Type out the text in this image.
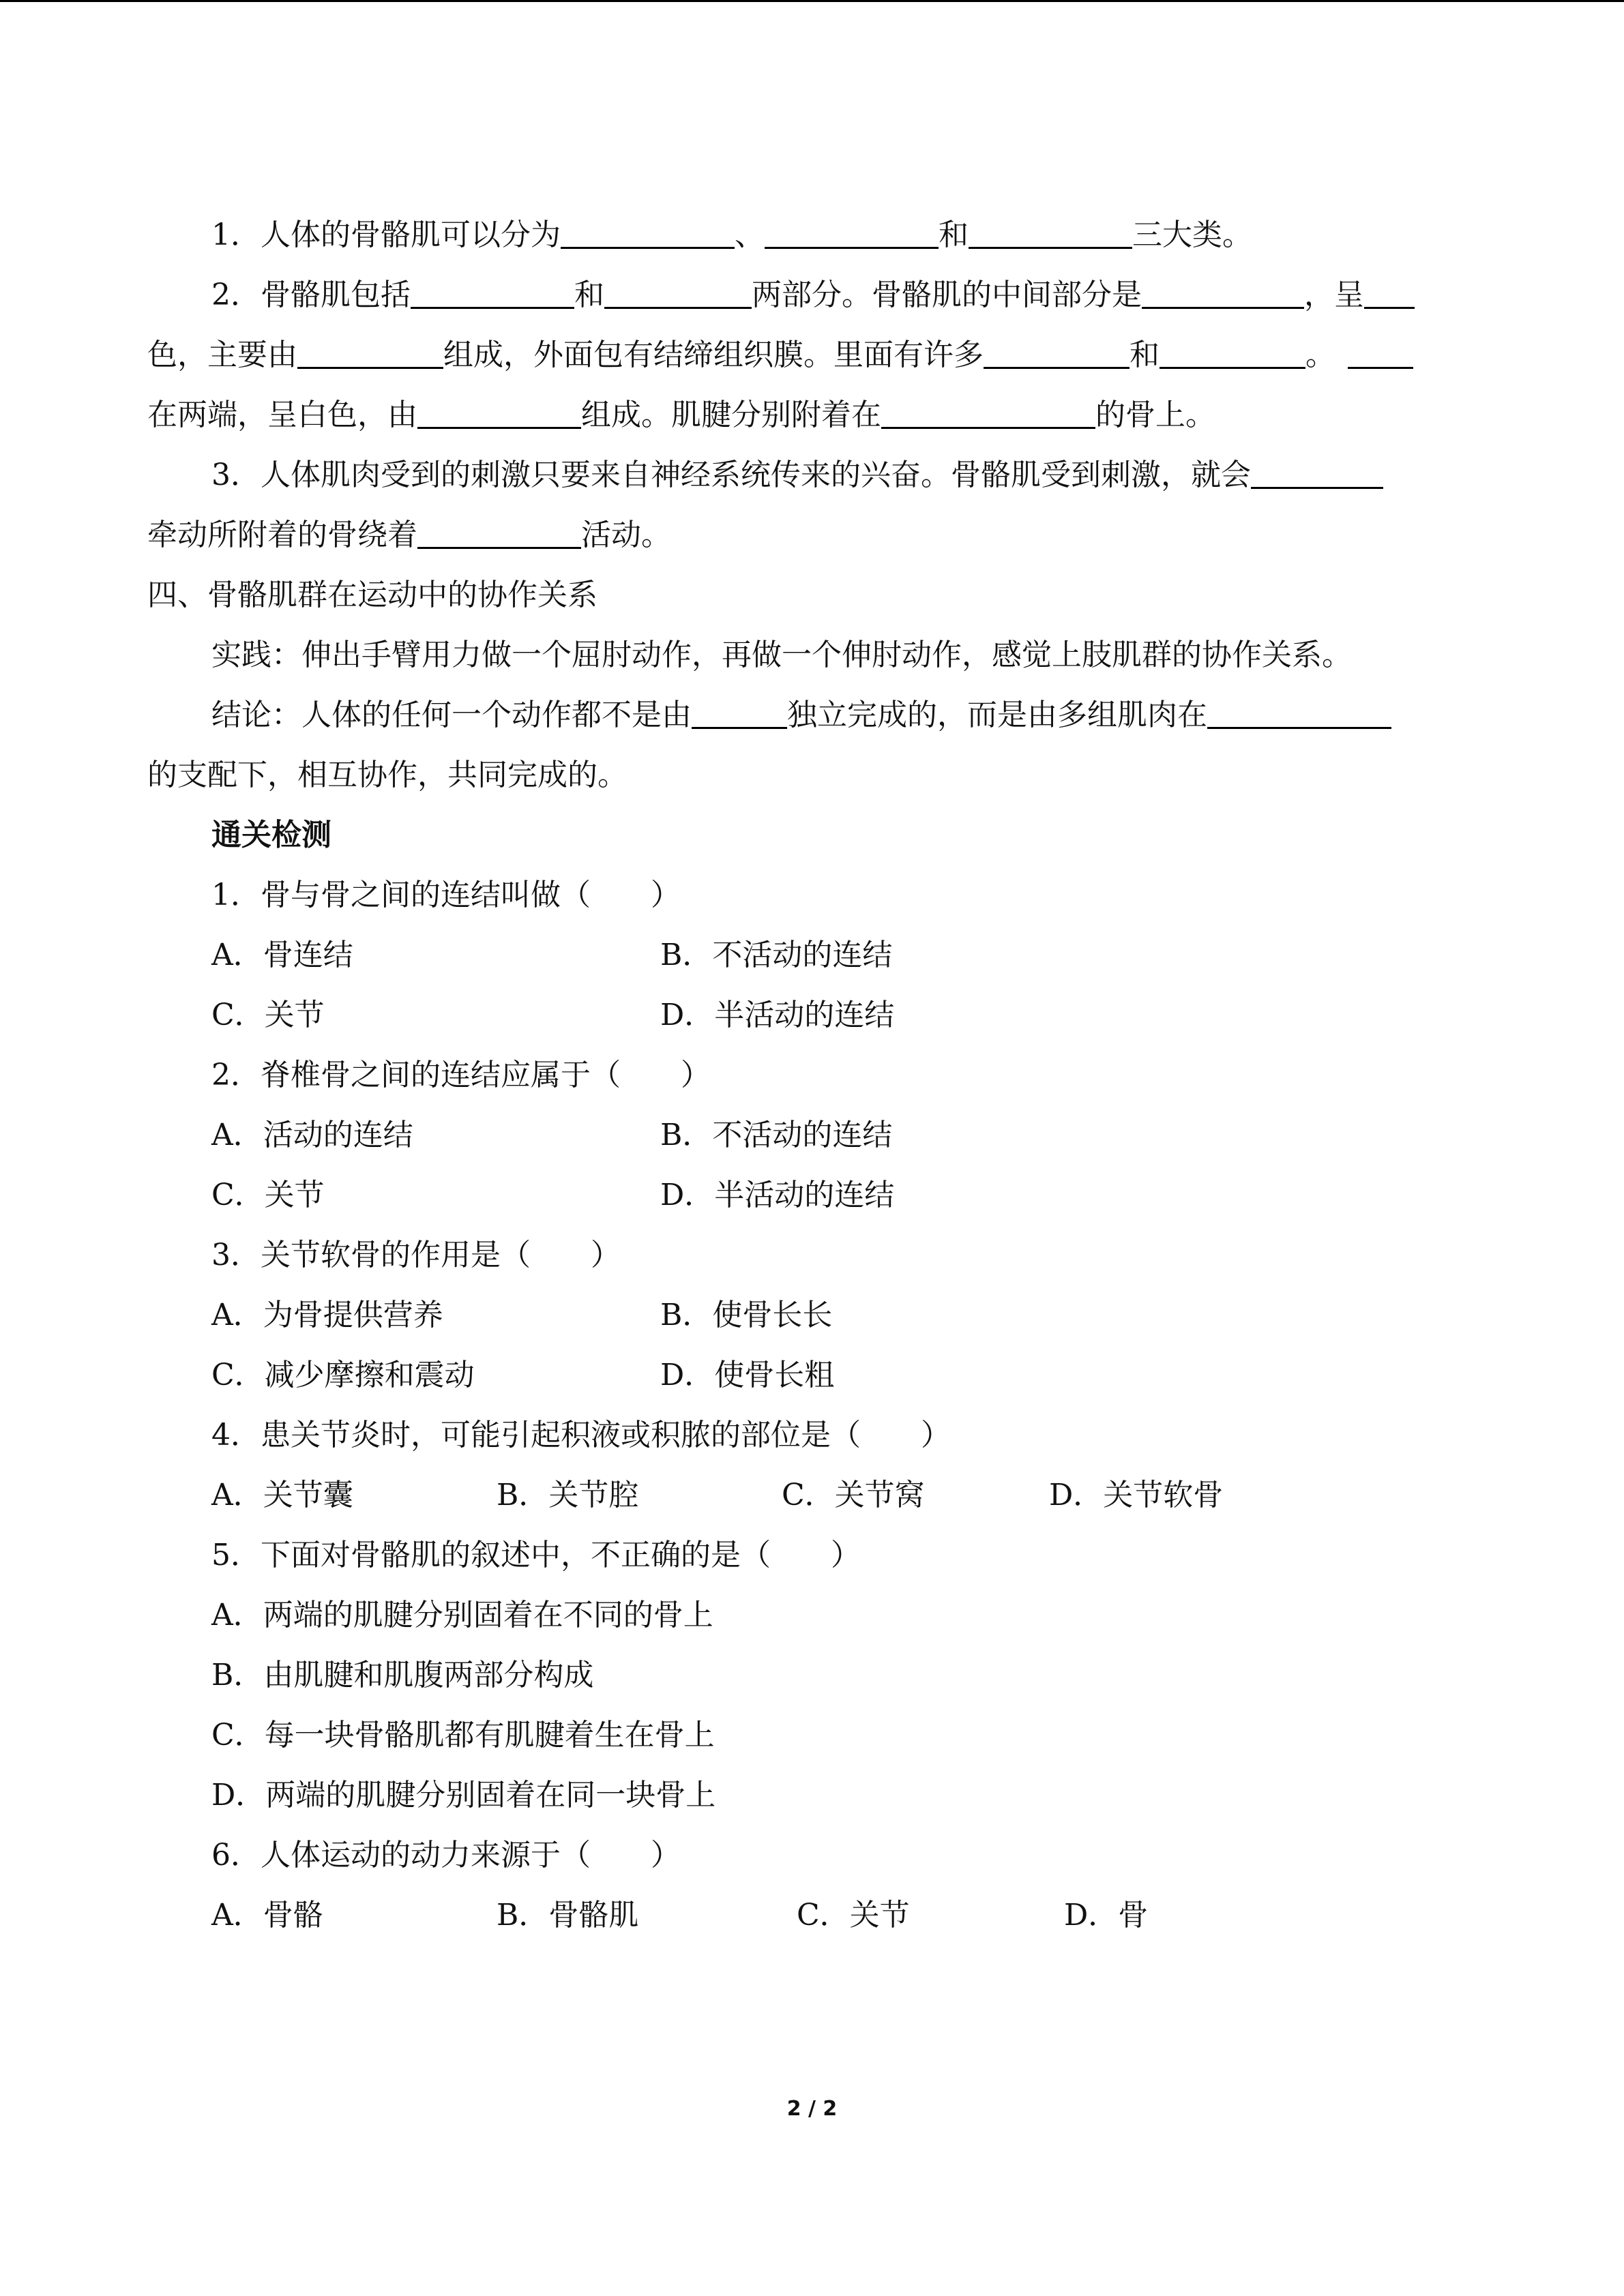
1．人体的骨骼肌可以分为	、	和	三大类。
2．骨骼肌包括	和	两部分。骨骼肌的中间部分是	，呈
色，主要由	组成，外面包有结缔组织膜。里面有许多	和	。
在两端，呈白色，由	组成。肌腱分别附着在	的骨上。
3．人体肌肉受到的刺激只要来自神经系统传来的兴奋。骨骼肌受到刺激，就会
牵动所附着的骨绕着	活动。
四、骨骼肌群在运动中的协作关系
实践：伸出手臂用力做一个屈肘动作，再做一个伸肘动作，感觉上肢肌群的协作关系。
结论：人体的任何一个动作都不是由	独立完成的，而是由多组肌肉在
的支配下，相互协作，共同完成的。
通关检测
1．骨与骨之间的连结叫做（　　）
A．骨连结	B．不活动的连结
C．关节	D．半活动的连结
2．脊椎骨之间的连结应属于（　　）
A．活动的连结	B．不活动的连结
C．关节	D．半活动的连结
3．关节软骨的作用是（　　）
A．为骨提供营养	B．使骨长长
C．减少摩擦和震动	D．使骨长粗
4．患关节炎时，可能引起积液或积脓的部位是（　　）
A．关节囊	B．关节腔	C．关节窝	D．关节软骨
5．下面对骨骼肌的叙述中，不正确的是（　　）
A．两端的肌腱分别固着在不同的骨上
B．由肌腱和肌腹两部分构成
C．每一块骨骼肌都有肌腱着生在骨上
D．两端的肌腱分别固着在同一块骨上
6．人体运动的动力来源于（　　）
A．骨骼	B．骨骼肌	C．关节	D．骨
2 / 2
